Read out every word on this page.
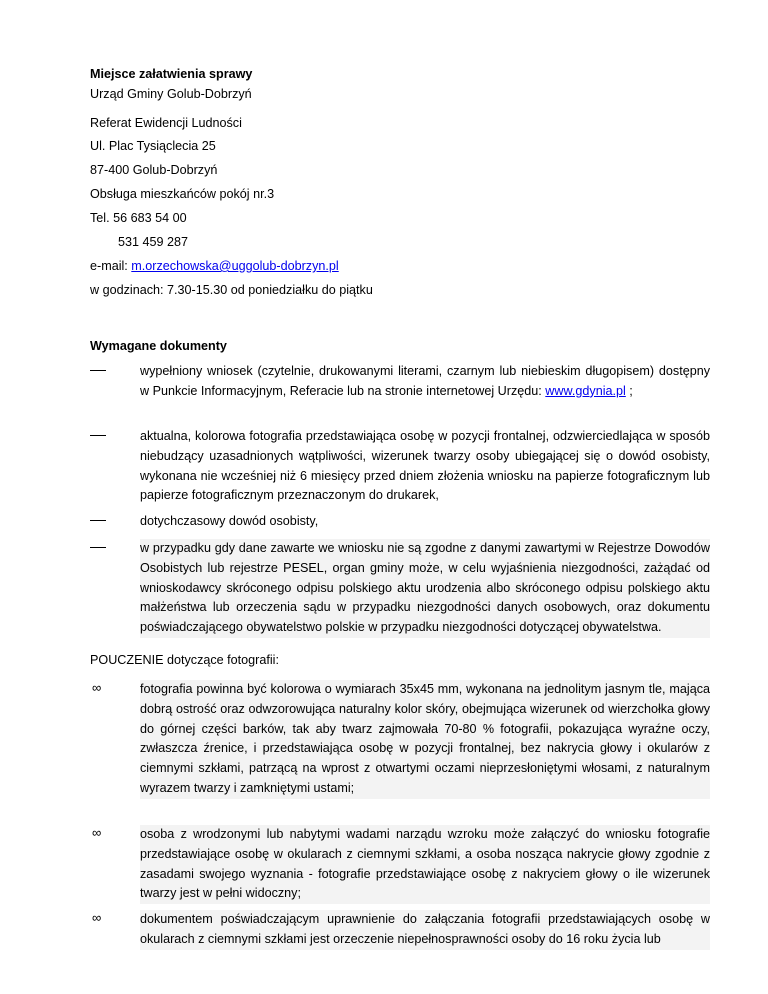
Miejsce załatwienia sprawy
Urząd Gminy Golub-Dobrzyń
Referat Ewidencji Ludności
Ul. Plac Tysiąclecia 25
87-400 Golub-Dobrzyń
Obsługa mieszkańców pokój nr.3
Tel. 56 683 54 00
531 459 287
e-mail: m.orzechowska@uggolub-dobrzyn.pl
w godzinach: 7.30-15.30 od poniedziałku do piątku
Wymagane dokumenty
wypełniony wniosek (czytelnie, drukowanymi literami, czarnym lub niebieskim długopisem) dostępny w Punkcie Informacyjnym, Referacie lub na stronie internetowej Urzędu: www.gdynia.pl ;
aktualna, kolorowa fotografia przedstawiająca osobę w pozycji frontalnej, odzwierciedlająca w sposób niebudzący uzasadnionych wątpliwości, wizerunek twarzy osoby ubiegającej się o dowód osobisty, wykonana nie wcześniej niż 6 miesięcy przed dniem złożenia wniosku na papierze fotograficznym lub papierze fotograficznym przeznaczonym do drukarek,
dotychczasowy dowód osobisty,
w przypadku gdy dane zawarte we wniosku nie są zgodne z danymi zawartymi w Rejestrze Dowodów Osobistych lub rejestrze PESEL, organ gminy może, w celu wyjaśnienia niezgodności, zażądać od wnioskodawcy skróconego odpisu polskiego aktu urodzenia albo skróconego odpisu polskiego aktu małżeństwa lub orzeczenia sądu w przypadku niezgodności danych osobowych, oraz dokumentu poświadczającego obywatelstwo polskie w przypadku niezgodności dotyczącej obywatelstwa.
POUCZENIE dotyczące fotografii:
∞	fotografia powinna być kolorowa o wymiarach 35x45 mm, wykonana na jednolitym jasnym tle, mająca dobrą ostrość oraz odwzorowująca naturalny kolor skóry, obejmująca wizerunek od wierzchołka głowy do górnej części barków, tak aby twarz zajmowała 70-80 % fotografii, pokazująca wyraźne oczy, zwłaszcza źrenice, i przedstawiająca osobę w pozycji frontalnej, bez nakrycia głowy i okularów z ciemnymi szkłami, patrzącą na wprost z otwartymi oczami nieprzesłoniętymi włosami, z naturalnym wyrazem twarzy i zamkniętymi ustami;
∞	osoba z wrodzonymi lub nabytymi wadami narządu wzroku może załączyć do wniosku fotografie przedstawiające osobę w okularach z ciemnymi szkłami, a osoba nosząca nakrycie głowy zgodnie z zasadami swojego wyznania - fotografie przedstawiające osobę z nakryciem głowy o ile wizerunek twarzy jest w pełni widoczny;
∞	dokumentem poświadczającym uprawnienie do załączania fotografii przedstawiających osobę w okularach z ciemnymi szkłami jest orzeczenie niepełnosprawności osoby do 16 roku życia lub
